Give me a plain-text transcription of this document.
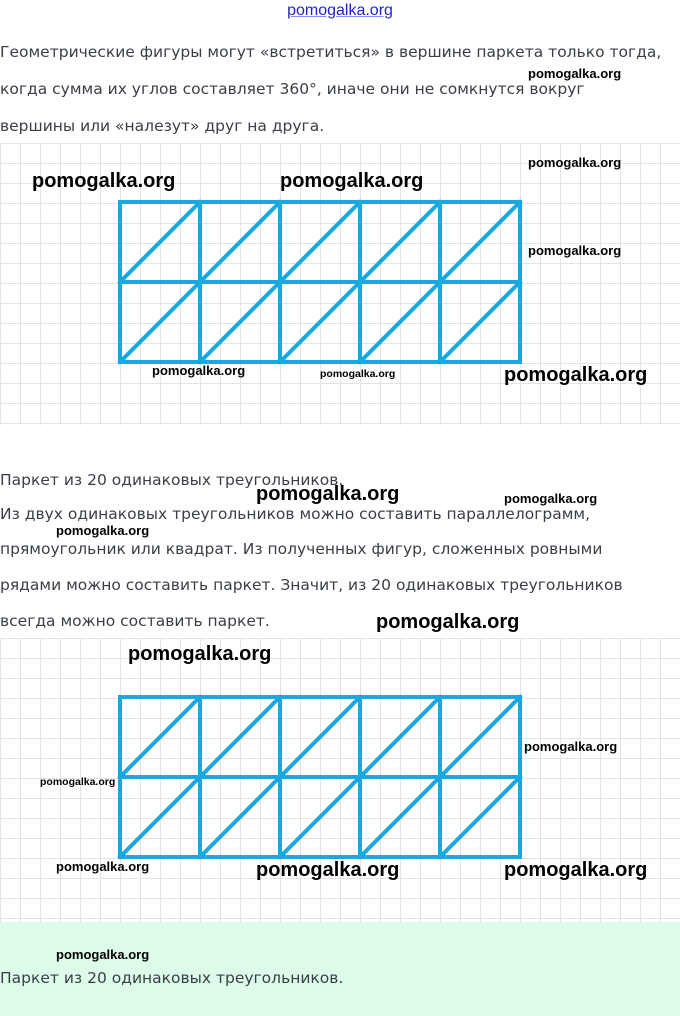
pomogalka.org
Геометрические фигуры могут «встретиться» в вершине паркета только тогда,
когда сумма их углов составляет 360°, иначе они не сомкнутся вокруг
вершины или «налезут» друг на друга.
Паркет из 20 одинаковых треугольников.
Из двух одинаковых треугольников можно составить параллелограмм,
прямоугольник или квадрат. Из полученных фигур, сложенных ровными
рядами можно составить паркет. Значит, из 20 одинаковых треугольников
всегда можно составить паркет.
Паркет из 20 одинаковых треугольников.
pomogalka.org
pomogalka.org
pomogalka.org	pomogalka.org
pomogalka.org
pomogalka.org	pomogalka.org	pomogalka.org
pomogalka.org	pomogalka.org
pomogalka.org
pomogalka.org
pomogalka.org
pomogalka.org
pomogalka.org
pomogalka.org	pomogalka.org	pomogalka.org
pomogalka.org
